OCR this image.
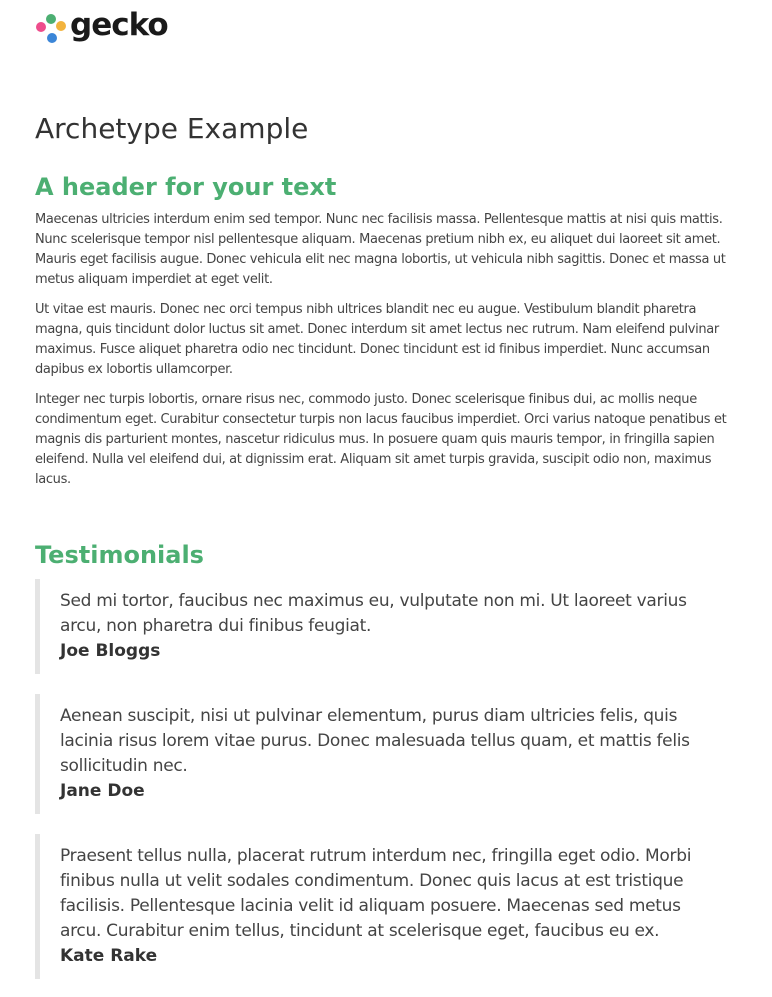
gecko
Archetype Example
A header for your text

Maecenas ultricies interdum enim sed tempor. Nunc nec facilisis massa. Pellentesque mattis at nisi quis mattis. Nunc scelerisque tempor nisl pellentesque aliquam. Maecenas pretium nibh ex, eu aliquet dui laoreet sit amet. Mauris eget facilisis augue. Donec vehicula elit nec magna lobortis, ut vehicula nibh sagittis. Donec et massa ut metus aliquam imperdiet at eget velit.

Ut vitae est mauris. Donec nec orci tempus nibh ultrices blandit nec eu augue. Vestibulum blandit pharetra magna, quis tincidunt dolor luctus sit amet. Donec interdum sit amet lectus nec rutrum. Nam eleifend pulvinar maximus. Fusce aliquet pharetra odio nec tincidunt. Donec tincidunt est id finibus imperdiet. Nunc accumsan dapibus ex lobortis ullamcorper.

Integer nec turpis lobortis, ornare risus nec, commodo justo. Donec scelerisque finibus dui, ac mollis neque condimentum eget. Curabitur consectetur turpis non lacus faucibus imperdiet. Orci varius natoque penatibus et magnis dis parturient montes, nascetur ridiculus mus. In posuere quam quis mauris tempor, in fringilla sapien eleifend. Nulla vel eleifend dui, at dignissim erat. Aliquam sit amet turpis gravida, suscipit odio non, maximus lacus.

Testimonials

Sed mi tortor, faucibus nec maximus eu, vulputate non mi. Ut laoreet varius arcu, non pharetra dui finibus feugiat.

Joe Bloggs

Aenean suscipit, nisi ut pulvinar elementum, purus diam ultricies felis, quis lacinia risus lorem vitae purus. Donec malesuada tellus quam, et mattis felis sollicitudin nec.

Jane Doe

Praesent tellus nulla, placerat rutrum interdum nec, fringilla eget odio. Morbi finibus nulla ut velit sodales condimentum. Donec quis lacus at est tristique facilisis. Pellentesque lacinia velit id aliquam posuere. Maecenas sed metus arcu. Curabitur enim tellus, tincidunt at scelerisque eget, faucibus eu ex.

Kate Rake
